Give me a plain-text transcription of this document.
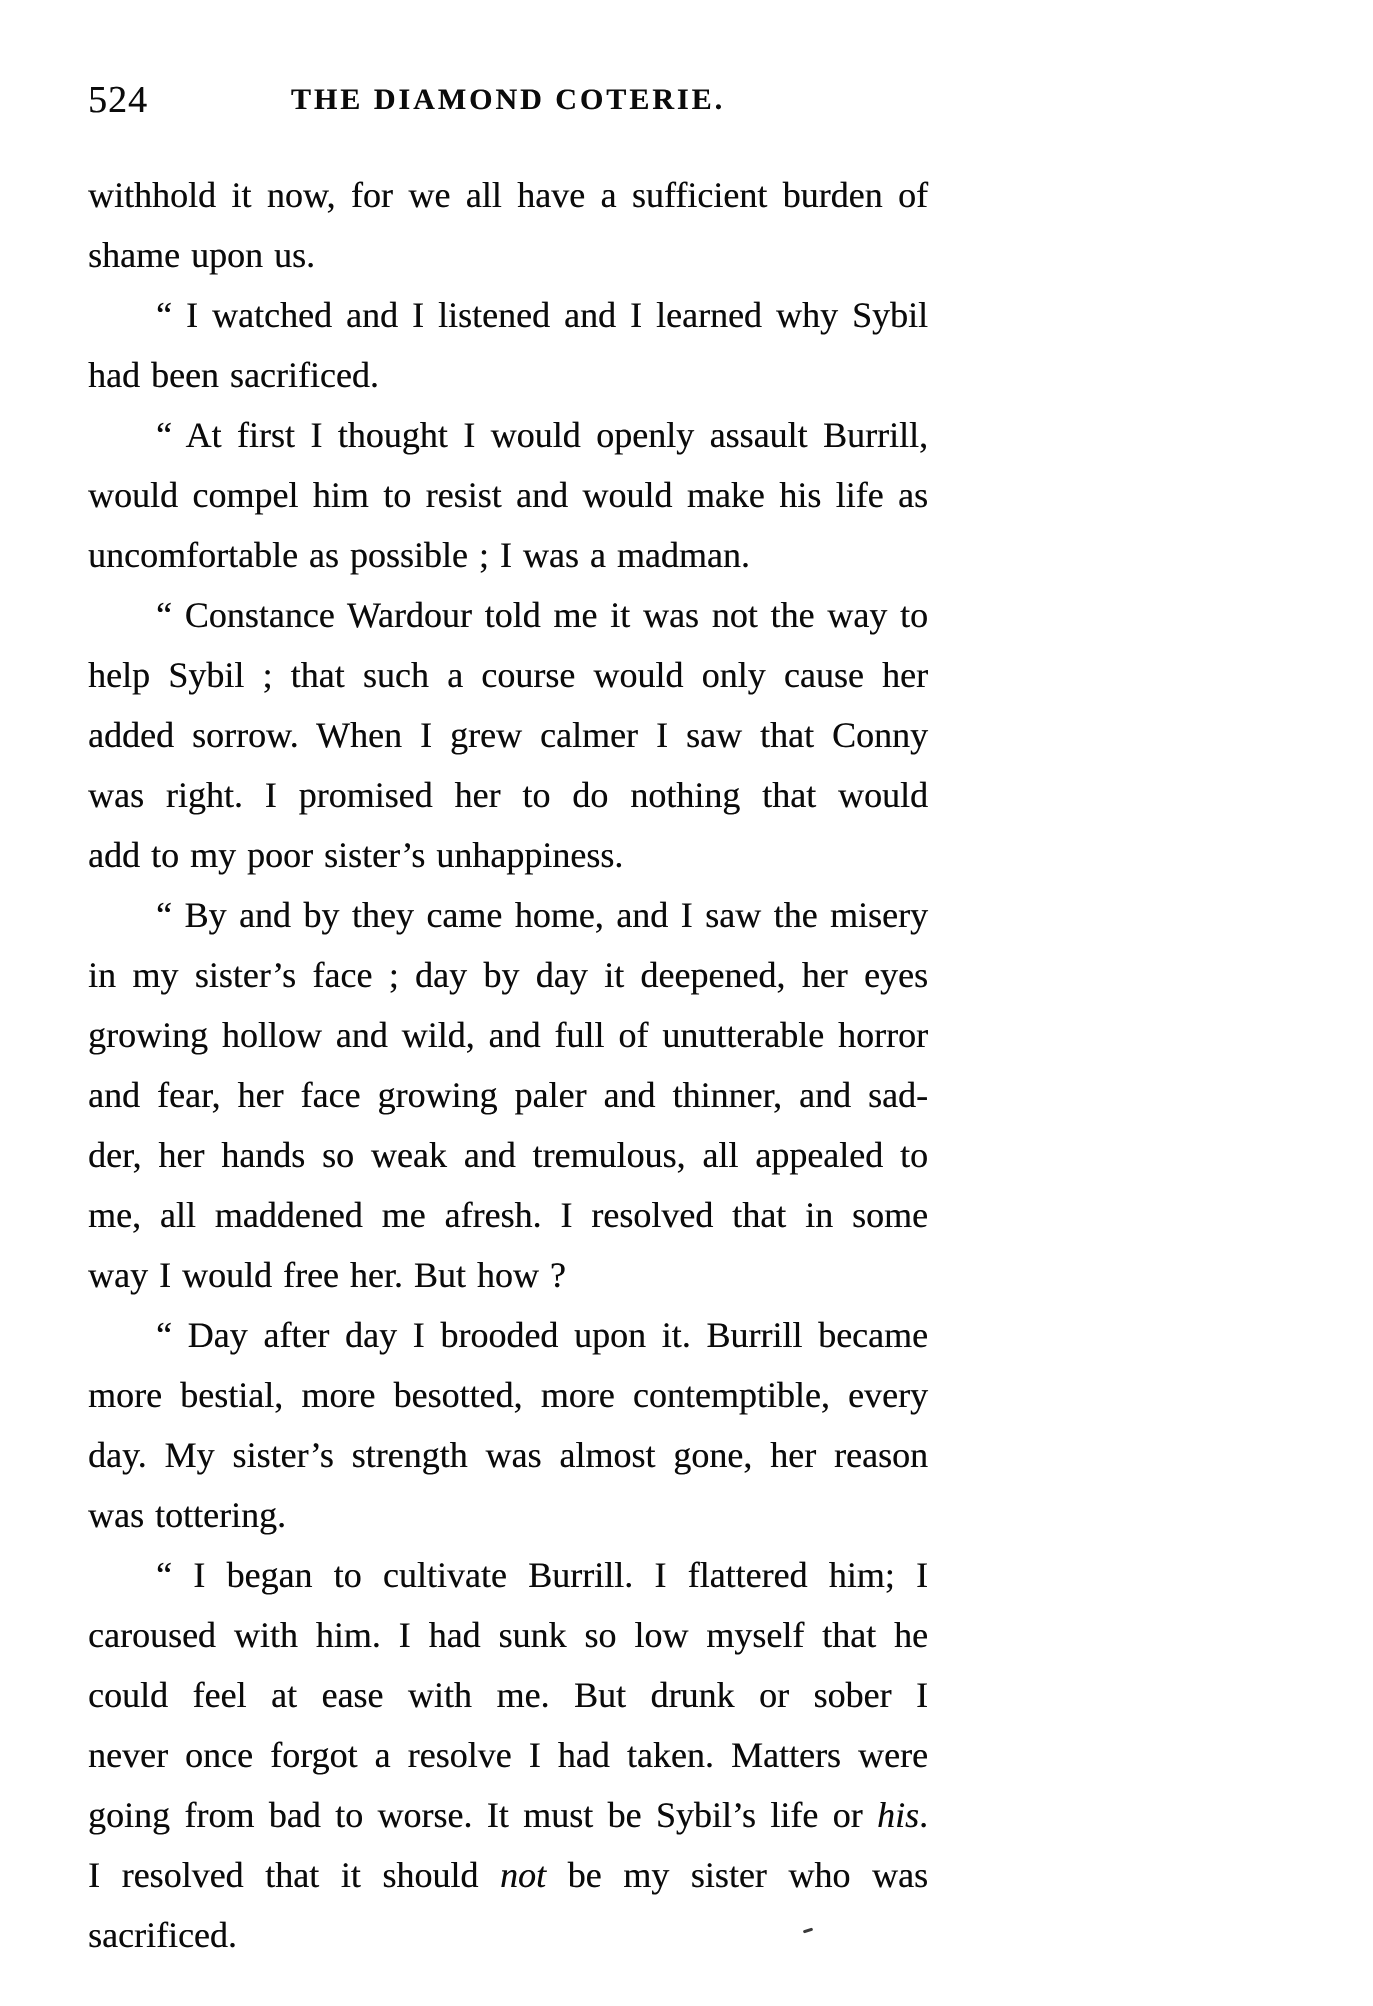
524	THE DIAMOND COTERIE.
withhold it now, for we all have a sufficient burden of
shame upon us.
“ I watched and I listened and I learned why Sybil
had been sacrificed.
“ At first I thought I would openly assault Burrill,
would compel him to resist and would make his life as
uncomfortable as possible ; I was a madman.
“ Constance Wardour told me it was not the way to
help Sybil ; that such a course would only cause her
added sorrow. When I grew calmer I saw that Conny
was right. I promised her to do nothing that would
add to my poor sister’s unhappiness.
“ By and by they came home, and I saw the misery
in my sister’s face ; day by day it deepened, her eyes
growing hollow and wild, and full of unutterable horror
and fear, her face growing paler and thinner, and sad-
der, her hands so weak and tremulous, all appealed to
me, all maddened me afresh. I resolved that in some
way I would free her. But how ?
“ Day after day I brooded upon it. Burrill became
more bestial, more besotted, more contemptible, every
day. My sister’s strength was almost gone, her reason
was tottering.
“ I began to cultivate Burrill. I flattered him; I
caroused with him. I had sunk so low myself that he
could feel at ease with me. But drunk or sober I
never once forgot a resolve I had taken. Matters were
going from bad to worse. It must be Sybil’s life or his.
I resolved that it should not be my sister who was
sacrificed.
